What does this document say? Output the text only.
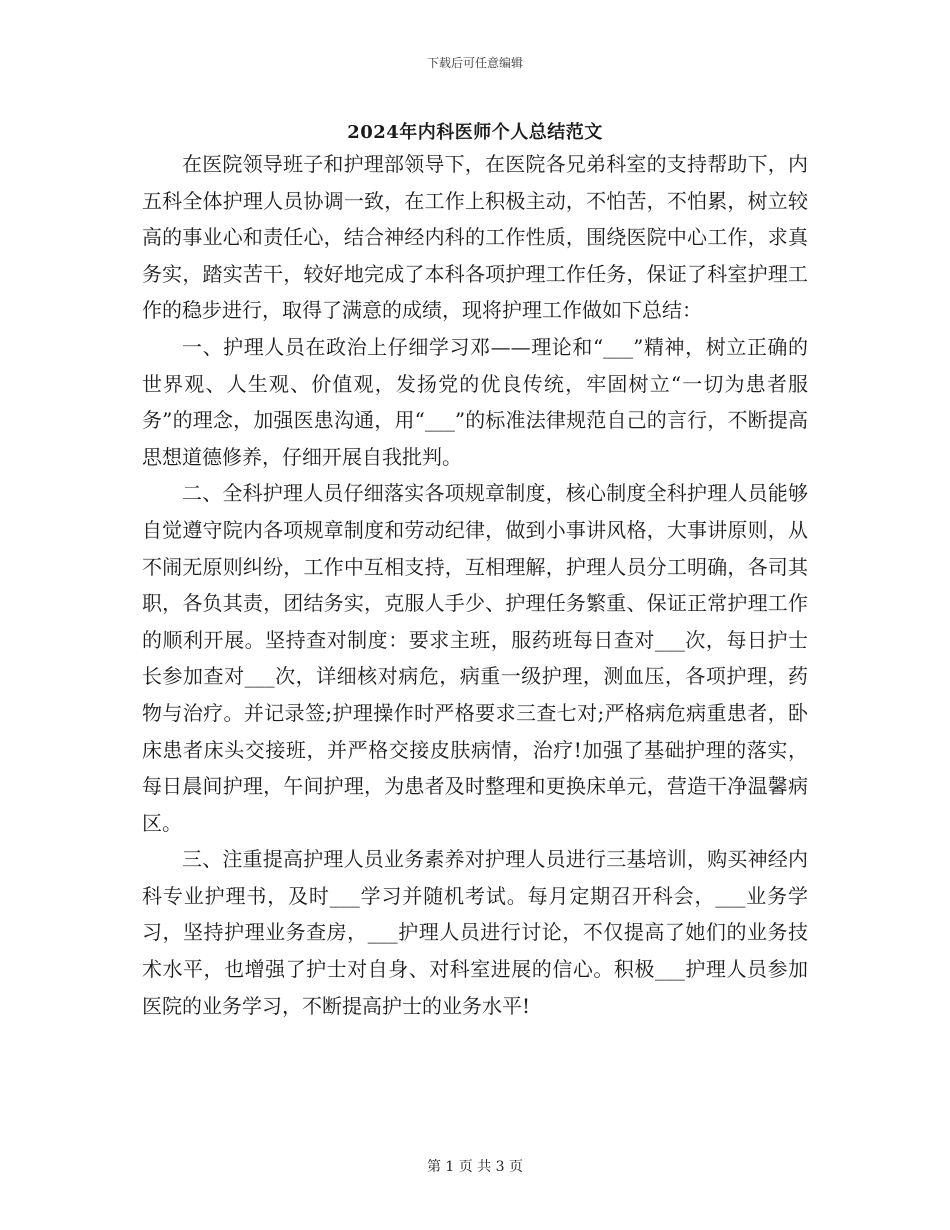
下载后可任意编辑
2024年内科医师个人总结范文

在医院领导班子和护理部领导下，在医院各兄弟科室的支持帮助下，内五科全体护理人员协调一致，在工作上积极主动，不怕苦，不怕累，树立较高的事业心和责任心，结合神经内科的工作性质，围绕医院中心工作，求真务实，踏实苦干，较好地完成了本科各项护理工作任务，保证了科室护理工作的稳步进行，取得了满意的成绩，现将护理工作做如下总结：

一、护理人员在政治上仔细学习邓——理论和“___”精神，树立正确的世界观、人生观、价值观，发扬党的优良传统，牢固树立“一切为患者服务”的理念，加强医患沟通，用“___”的标准法律规范自己的言行，不断提高思想道德修养，仔细开展自我批判。

二、全科护理人员仔细落实各项规章制度，核心制度全科护理人员能够自觉遵守院内各项规章制度和劳动纪律，做到小事讲风格，大事讲原则，从不闹无原则纠纷，工作中互相支持，互相理解，护理人员分工明确，各司其职，各负其责，团结务实，克服人手少、护理任务繁重、保证正常护理工作的顺利开展。坚持查对制度：要求主班，服药班每日查对___次，每日护士长参加查对___次，详细核对病危，病重一级护理，测血压，各项护理，药物与治疗。并记录签;护理操作时严格要求三查七对;严格病危病重患者，卧床患者床头交接班，并严格交接皮肤病情，治疗!加强了基础护理的落实，每日晨间护理，午间护理，为患者及时整理和更换床单元，营造干净温馨病区。

三、注重提高护理人员业务素养对护理人员进行三基培训，购买神经内科专业护理书，及时___学习并随机考试。每月定期召开科会，___业务学习，坚持护理业务查房，___护理人员进行讨论，不仅提高了她们的业务技术水平，也增强了护士对自身、对科室进展的信心。积极___护理人员参加医院的业务学习，不断提高护士的业务水平!

第 1 页 共 3 页
